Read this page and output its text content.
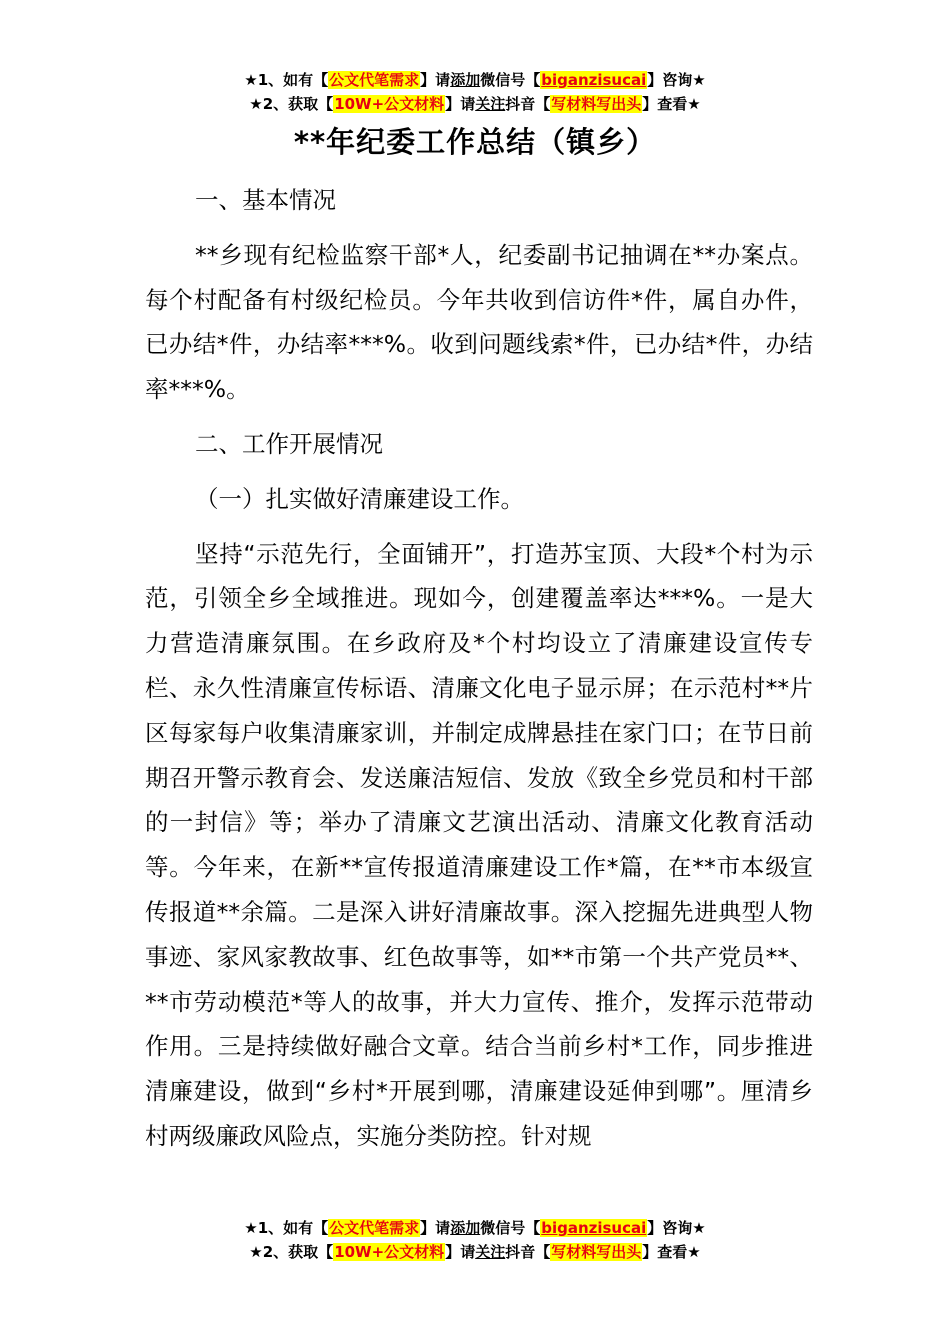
★1、如有【公文代笔需求】请添加微信号【biganzisucai】咨询★
★2、获取【10W+公文材料】请关注抖音【写材料写出头】查看★
**年纪委工作总结（镇乡）

一、基本情况

**乡现有纪检监察干部*人，纪委副书记抽调在**办案点。每个村配备有村级纪检员。今年共收到信访件*件，属自办件，已办结*件，办结率***%。收到问题线索*件，已办结*件，办结率***%。

二、工作开展情况

（一）扎实做好清廉建设工作。

坚持“示范先行，全面铺开”，打造苏宝顶、大段*个村为示范，引领全乡全域推进。现如今，创建覆盖率达***%。一是大力营造清廉氛围。在乡政府及*个村均设立了清廉建设宣传专栏、永久性清廉宣传标语、清廉文化电子显示屏；在示范村**片区每家每户收集清廉家训，并制定成牌悬挂在家门口；在节日前期召开警示教育会、发送廉洁短信、发放《致全乡党员和村干部的一封信》等；举办了清廉文艺演出活动、清廉文化教育活动等。今年来，在新**宣传报道清廉建设工作*篇，在**市本级宣传报道**余篇。二是深入讲好清廉故事。深入挖掘先进典型人物事迹、家风家教故事、红色故事等，如**市第一个共产党员**、**市劳动模范*等人的故事，并大力宣传、推介，发挥示范带动作用。三是持续做好融合文章。结合当前乡村*工作，同步推进清廉建设，做到“乡村*开展到哪，清廉建设延伸到哪”。厘清乡村两级廉政风险点，实施分类防控。针对规

★1、如有【公文代笔需求】请添加微信号【biganzisucai】咨询★
★2、获取【10W+公文材料】请关注抖音【写材料写出头】查看★
